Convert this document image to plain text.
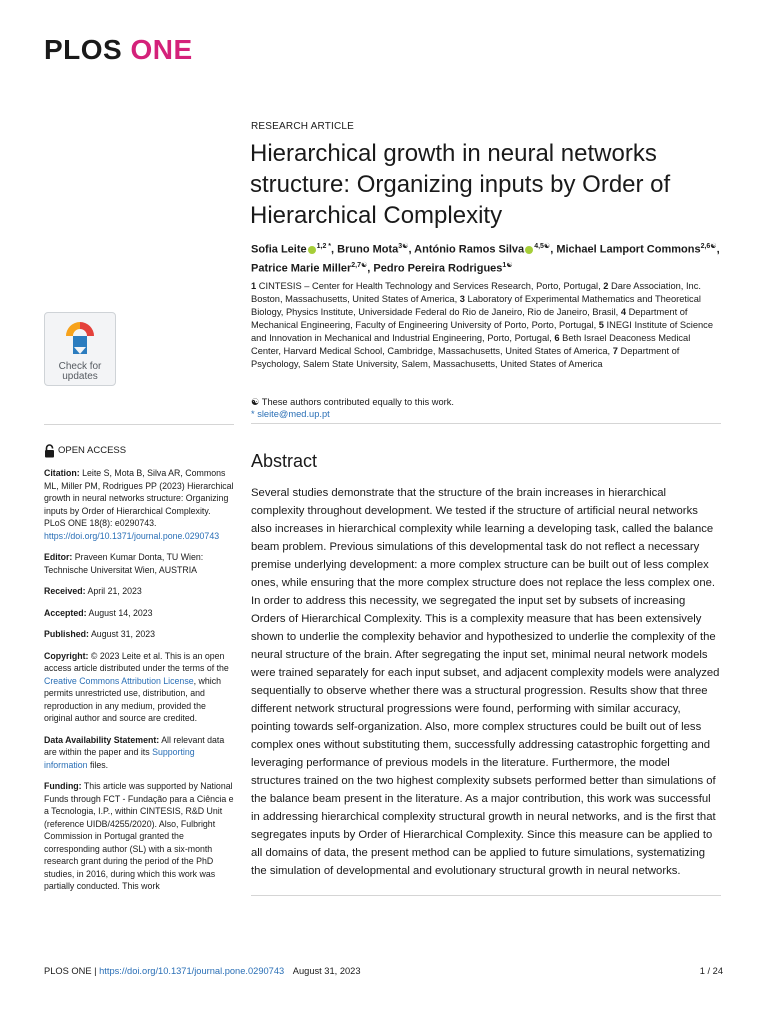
PLOS ONE
RESEARCH ARTICLE
Hierarchical growth in neural networks structure: Organizing inputs by Order of Hierarchical Complexity
Sofia Leite $^{1,2 *}$, Bruno Mota$^{3☯}$, António Ramos Silva $^{4,5☯}$, Michael Lamport Commons$^{2,6☯}$, Patrice Marie Miller$^{2,7☯}$, Pedro Pereira Rodrigues$^{1☯}$
1 CINTESIS – Center for Health Technology and Services Research, Porto, Portugal, 2 Dare Association, Inc. Boston, Massachusetts, United States of America, 3 Laboratory of Experimental Mathematics and Theoretical Biology, Physics Institute, Universidade Federal do Rio de Janeiro, Rio de Janeiro, Brasil, 4 Department of Mechanical Engineering, Faculty of Engineering University of Porto, Porto, Portugal, 5 INEGI Institute of Science and Innovation in Mechanical and Industrial Engineering, Porto, Portugal, 6 Beth Israel Deaconess Medical Center, Harvard Medical School, Cambridge, Massachusetts, United States of America, 7 Department of Psychology, Salem State University, Salem, Massachusetts, United States of America
☯ These authors contributed equally to this work.
* sleite@med.up.pt
Check for
updates
OPEN ACCESS
Citation: Leite S, Mota B, Silva AR, Commons ML, Miller PM, Rodrigues PP (2023) Hierarchical growth in neural networks structure: Organizing inputs by Order of Hierarchical Complexity. PLoS ONE 18(8): e0290743. https://doi.org/10.1371/journal.pone.0290743
Editor: Praveen Kumar Donta, TU Wien: Technische Universitat Wien, AUSTRIA
Received: April 21, 2023
Accepted: August 14, 2023
Published: August 31, 2023
Copyright: © 2023 Leite et al. This is an open access article distributed under the terms of the Creative Commons Attribution License, which permits unrestricted use, distribution, and reproduction in any medium, provided the original author and source are credited.
Data Availability Statement: All relevant data are within the paper and its Supporting information files.
Funding: This article was supported by National Funds through FCT - Fundação para a Ciência e a Tecnologia, I.P., within CINTESIS, R&D Unit (reference UIDB/4255/2020). Also, Fulbright Commission in Portugal granted the corresponding author (SL) with a six-month research grant during the period of the PhD studies, in 2016, during which this work was partially conducted. This work
Abstract

Several studies demonstrate that the structure of the brain increases in hierarchical complexity throughout development. We tested if the structure of artificial neural networks also increases in hierarchical complexity while learning a developing task, called the balance beam problem. Previous simulations of this developmental task do not reflect a necessary premise underlying development: a more complex structure can be built out of less complex ones, while ensuring that the more complex structure does not replace the less complex one. In order to address this necessity, we segregated the input set by subsets of increasing Orders of Hierarchical Complexity. This is a complexity measure that has been extensively shown to underlie the complexity behavior and hypothesized to underlie the complexity of the neural structure of the brain. After segregating the input set, minimal neural network models were trained separately for each input subset, and adjacent complexity models were analyzed sequentially to observe whether there was a structural progression. Results show that three different network structural progressions were found, performing with similar accuracy, pointing towards self-organization. Also, more complex structures could be built out of less complex ones without substituting them, successfully addressing catastrophic forgetting and leveraging performance of previous models in the literature. Furthermore, the model structures trained on the two highest complexity subsets performed better than simulations of the balance beam present in the literature. As a major contribution, this work was successful in addressing hierarchical complexity structural growth in neural networks, and is the first that segregates inputs by Order of Hierarchical Complexity. Since this measure can be applied to all domains of data, the present method can be applied to future simulations, systematizing the simulation of developmental and evolutionary structural growth in neural networks.

PLOS ONE | https://doi.org/10.1371/journal.pone.0290743 August 31, 2023	1 / 24
